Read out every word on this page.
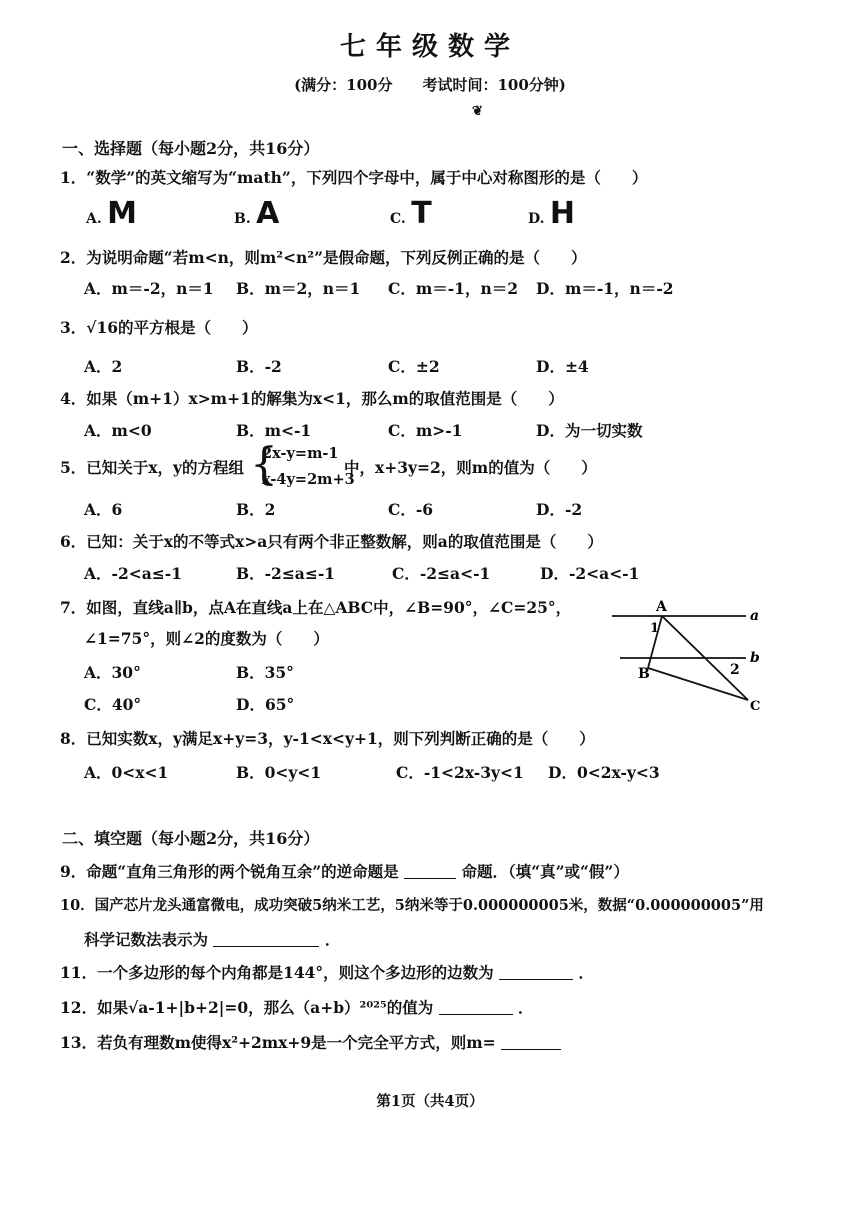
七年级数学
(满分：100分　　考试时间：100分钟)
❦
一、选择题（每小题2分，共16分）
1．“数学”的英文缩写为“math”，下列四个字母中，属于中心对称图形的是（　　）
A. M	B. A	C. T	D. H
2．为说明命题“若m<n，则m²<n²”是假命题，下列反例正确的是（　　）
A．m＝-2，n＝1 B．m＝2，n＝1 C．m＝-1，n＝2 D．m＝-1，n＝-2
3．√16的平方根是（　　）
A．2	B．-2	C．±2	D．±4
4．如果（m+1）x>m+1的解集为x<1，那么m的取值范围是（　　）
A．m<0	B．m<-1	C．m>-1	D．为一切实数
5．已知关于x，y的方程组 {
2x-y=m-1
x-4y=2m+3
中，x+3y=2，则m的值为（　　）
A．6	B．2	C．-6	D．-2
6．已知：关于x的不等式x>a只有两个非正整数解，则a的取值范围是（　　）
A．-2<a≤-1	B．-2≤a≤-1	C．-2≤a<-1	D．-2<a<-1
7．如图，直线a∥b，点A在直线a上在△ABC中，∠B=90°，∠C=25°，
∠1=75°，则∠2的度数为（　　）
A．30°	B．35°
C．40°	D．65°
A
B
C
a
b
1
2
8．已知实数x，y满足x+y=3，y-1<x<y+1，则下列判断正确的是（　　）
A．0<x<1	B．0<y<1	C．-1<2x-3y<1 D．0<2x-y<3
二、填空题（每小题2分，共16分）
9．命题“直角三角形的两个锐角互余”的逆命题是	命题．（填“真”或“假”）
10．国产芯片龙头通富微电，成功突破5纳米工艺，5纳米等于0.000000005米，数据“0.000000005”用
科学记数法表示为	．
11．一个多边形的每个内角都是144°，则这个多边形的边数为	．
12．如果√a-1+|b+2|=0，那么（a+b）²⁰²⁵的值为	．
13．若负有理数m使得x²+2mx+9是一个完全平方式，则m=
第1页（共4页）
